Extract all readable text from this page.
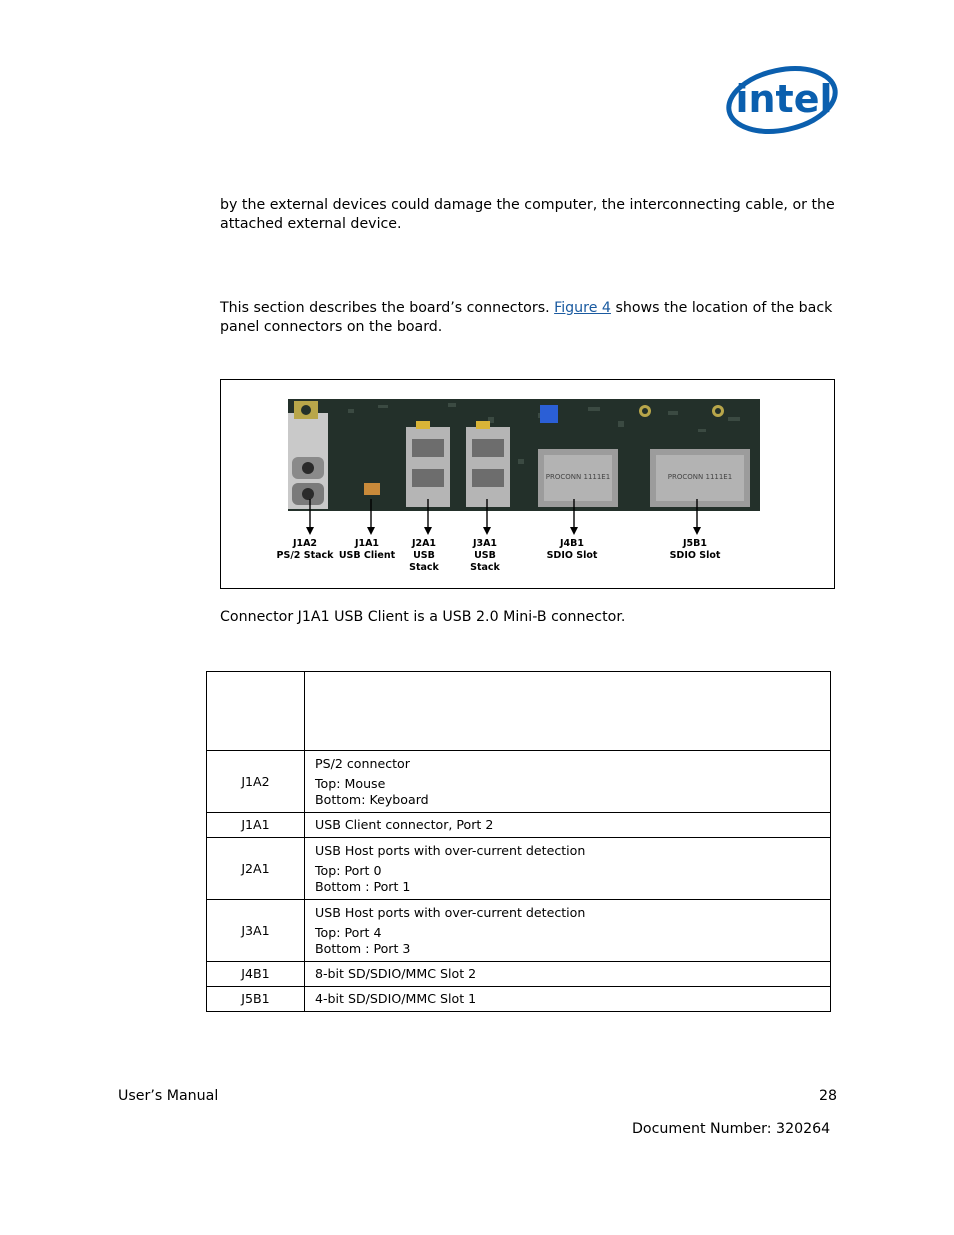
intel

by the external devices could damage the computer, the interconnecting cable, or the
attached external device.

This section describes the board’s connectors. Figure 4 shows the location of the back
panel connectors on the board.

PROCONN 1111E1	PROCONN 1111E1
J1A2
PS/2 Stack
J1A1
USB Client
J2A1
USB
Stack
J3A1
USB
Stack
J4B1
SDIO Slot
J5B1
SDIO Slot

Connector J1A1 USB Client is a USB 2.0 Mini-B connector.

J1A2	PS/2 connector
Top: Mouse
Bottom: Keyboard

J1A1	USB Client connector, Port 2

J2A1	USB Host ports with over-current detection
Top: Port 0
Bottom : Port 1

J3A1	USB Host ports with over-current detection
Top: Port 4
Bottom : Port 3

J4B1	8-bit SD/SDIO/MMC Slot 2

J5B1	4-bit SD/SDIO/MMC Slot 1
User’s Manual	28
Document Number: 320264
